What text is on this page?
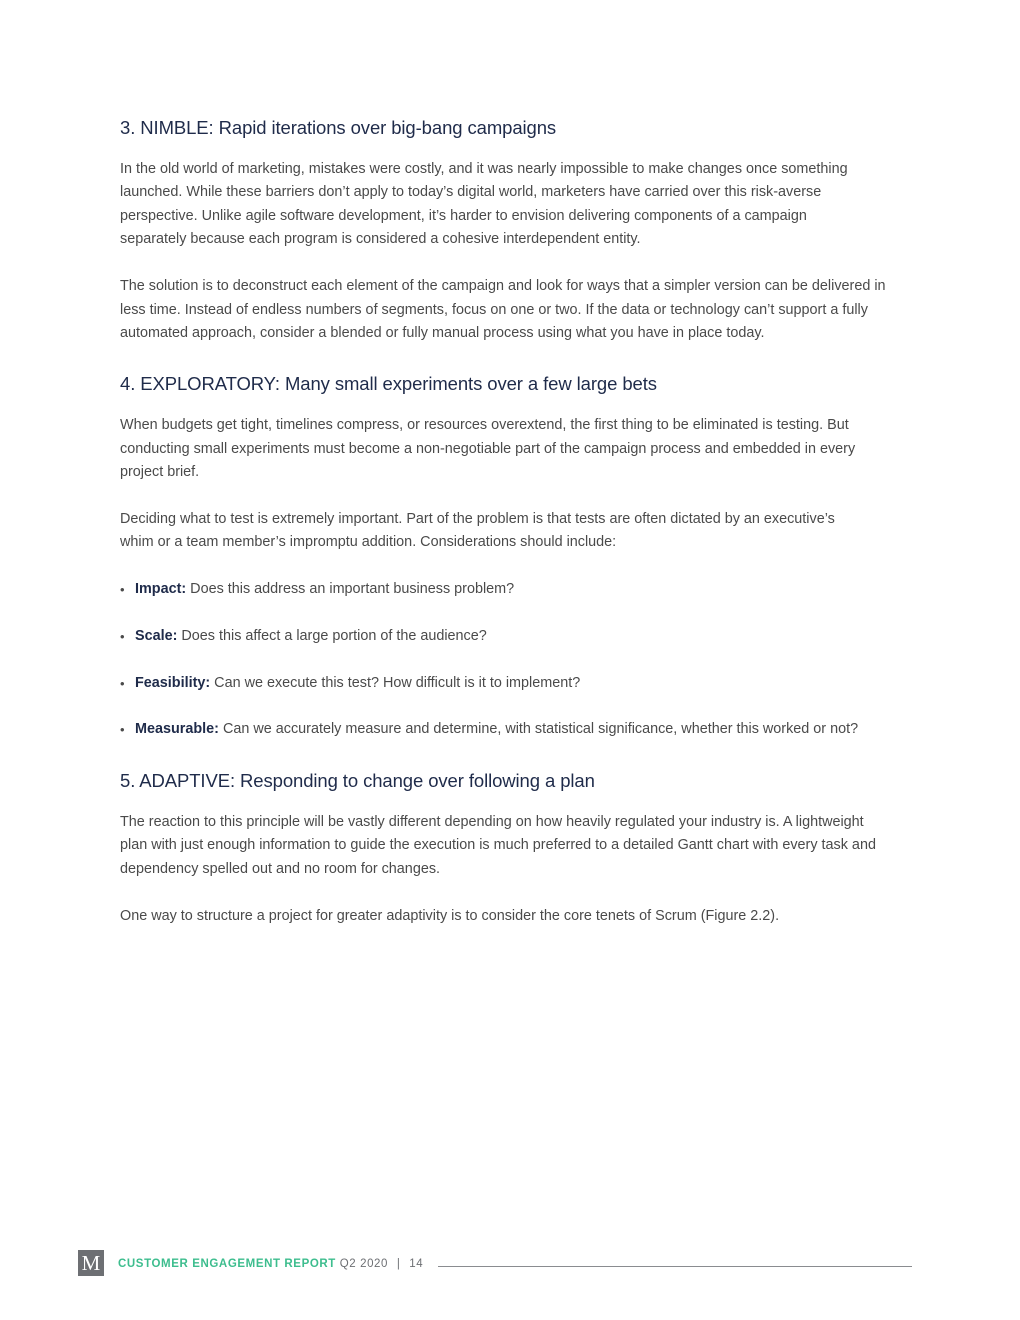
3. NIMBLE: Rapid iterations over big-bang campaigns

In the old world of marketing, mistakes were costly, and it was nearly impossible to make changes once something launched. While these barriers don’t apply to today’s digital world, marketers have carried over this risk-averse perspective. Unlike agile software development, it’s harder to envision delivering components of a campaign separately because each program is considered a cohesive interdependent entity.

The solution is to deconstruct each element of the campaign and look for ways that a simpler version can be delivered in less time. Instead of endless numbers of segments, focus on one or two. If the data or technology can’t support a fully automated approach, consider a blended or fully manual process using what you have in place today.

4. EXPLORATORY: Many small experiments over a few large bets

When budgets get tight, timelines compress, or resources overextend, the first thing to be eliminated is testing. But conducting small experiments must become a non-negotiable part of the campaign process and embedded in every project brief.

Deciding what to test is extremely important. Part of the problem is that tests are often dictated by an executive’s whim or a team member’s impromptu addition. Considerations should include:

• Impact: Does this address an important business problem?
• Scale: Does this affect a large portion of the audience?
• Feasibility: Can we execute this test? How difficult is it to implement?
• Measurable: Can we accurately measure and determine, with statistical significance, whether this worked or not?
5. ADAPTIVE: Responding to change over following a plan

The reaction to this principle will be vastly different depending on how heavily regulated your industry is. A lightweight plan with just enough information to guide the execution is much preferred to a detailed Gantt chart with every task and dependency spelled out and no room for changes.

One way to structure a project for greater adaptivity is to consider the core tenets of Scrum (Figure 2.2).

M	CUSTOMER ENGAGEMENT REPORT Q2 2020 | 14
